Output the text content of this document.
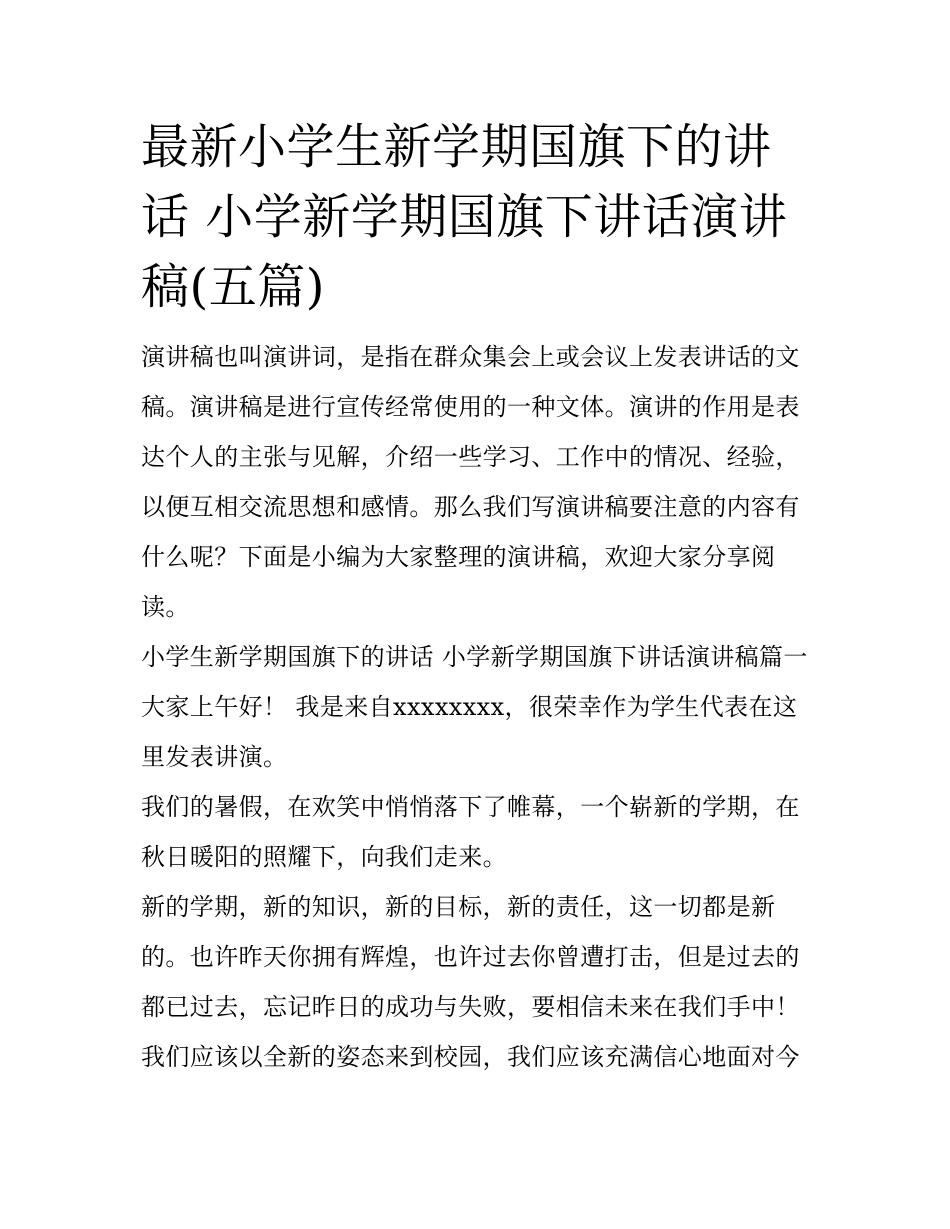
最新小学生新学期国旗下的讲话 小学新学期国旗下讲话演讲稿(五篇)

演讲稿也叫演讲词，是指在群众集会上或会议上发表讲话的文稿。演讲稿是进行宣传经常使用的一种文体。演讲的作用是表达个人的主张与见解，介绍一些学习、工作中的情况、经验，以便互相交流思想和感情。那么我们写演讲稿要注意的内容有什么呢？下面是小编为大家整理的演讲稿，欢迎大家分享阅读。

小学生新学期国旗下的讲话 小学新学期国旗下讲话演讲稿篇一 大家上午好！ 我是来自xxxxxxxx，很荣幸作为学生代表在这里发表讲演。

我们的暑假，在欢笑中悄悄落下了帷幕，一个崭新的学期，在秋日暖阳的照耀下，向我们走来。

新的学期，新的知识，新的目标，新的责任，这一切都是新的。也许昨天你拥有辉煌，也许过去你曾遭打击，但是过去的都已过去，忘记昨日的成功与失败，要相信未来在我们手中！

我们应该以全新的姿态来到校园，我们应该充满信心地面对今
